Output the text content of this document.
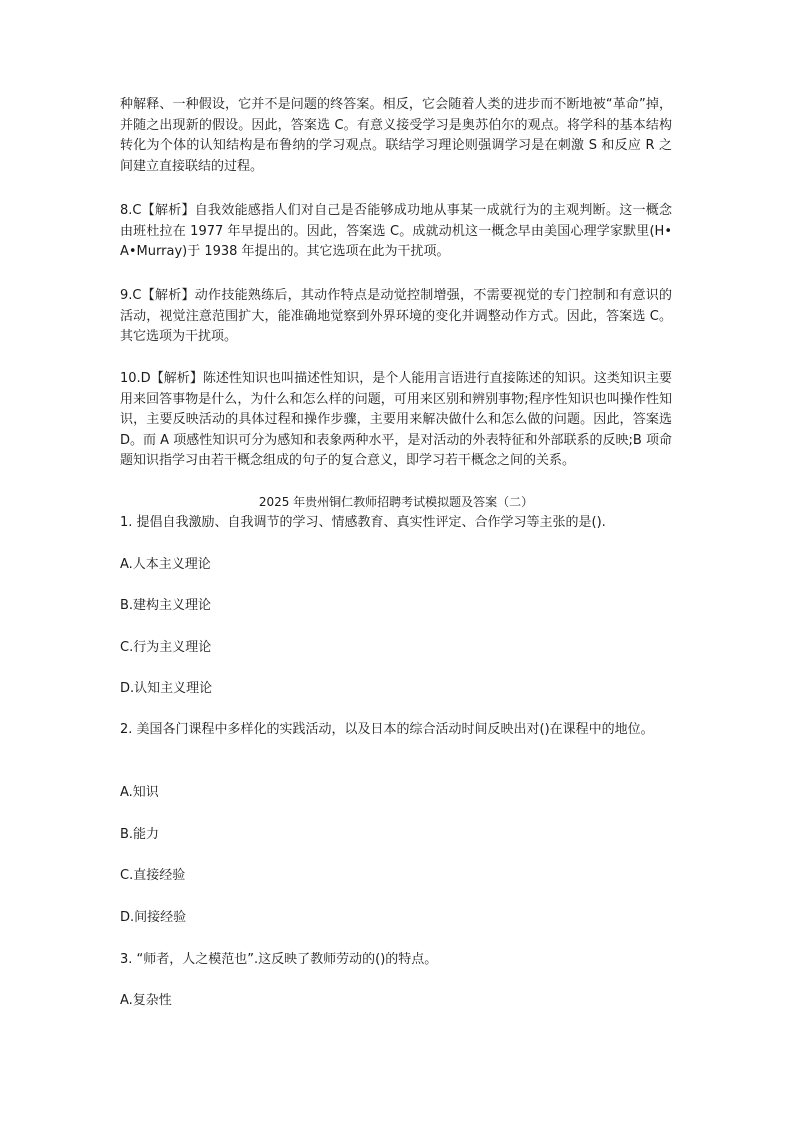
种解释、一种假设，它并不是问题的终答案。相反，它会随着人类的进步而不断地被“革命”掉，并随之出现新的假设。因此，答案选 C。有意义接受学习是奥苏伯尔的观点。将学科的基本结构转化为个体的认知结构是布鲁纳的学习观点。联结学习理论则强调学习是在刺激 S 和反应 R 之间建立直接联结的过程。

8.C【解析】自我效能感指人们对自己是否能够成功地从事某一成就行为的主观判断。这一概念由班杜拉在 1977 年早提出的。因此，答案选 C。成就动机这一概念早由美国心理学家默里(H•A•Murray)于 1938 年提出的。其它选项在此为干扰项。

9.C【解析】动作技能熟练后，其动作特点是动觉控制增强，不需要视觉的专门控制和有意识的活动，视觉注意范围扩大，能准确地觉察到外界环境的变化并调整动作方式。因此，答案选 C。其它选项为干扰项。

10.D【解析】陈述性知识也叫描述性知识，是个人能用言语进行直接陈述的知识。这类知识主要用来回答事物是什么，为什么和怎么样的问题，可用来区别和辨别事物;程序性知识也叫操作性知识，主要反映活动的具体过程和操作步骤，主要用来解决做什么和怎么做的问题。因此，答案选 D。而 A 项感性知识可分为感知和表象两种水平，是对活动的外表特征和外部联系的反映;B 项命题知识指学习由若干概念组成的句子的复合意义，即学习若干概念之间的关系。

2025 年贵州铜仁教师招聘考试模拟题及答案（二）

1. 提倡自我激励、自我调节的学习、情感教育、真实性评定、合作学习等主张的是().

A.人本主义理论

B.建构主义理论

C.行为主义理论

D.认知主义理论

2. 美国各门课程中多样化的实践活动，以及日本的综合活动时间反映出对()在课程中的地位。

A.知识

B.能力

C.直接经验

D.间接经验

3. “师者，人之模范也”.这反映了教师劳动的()的特点。

A.复杂性
